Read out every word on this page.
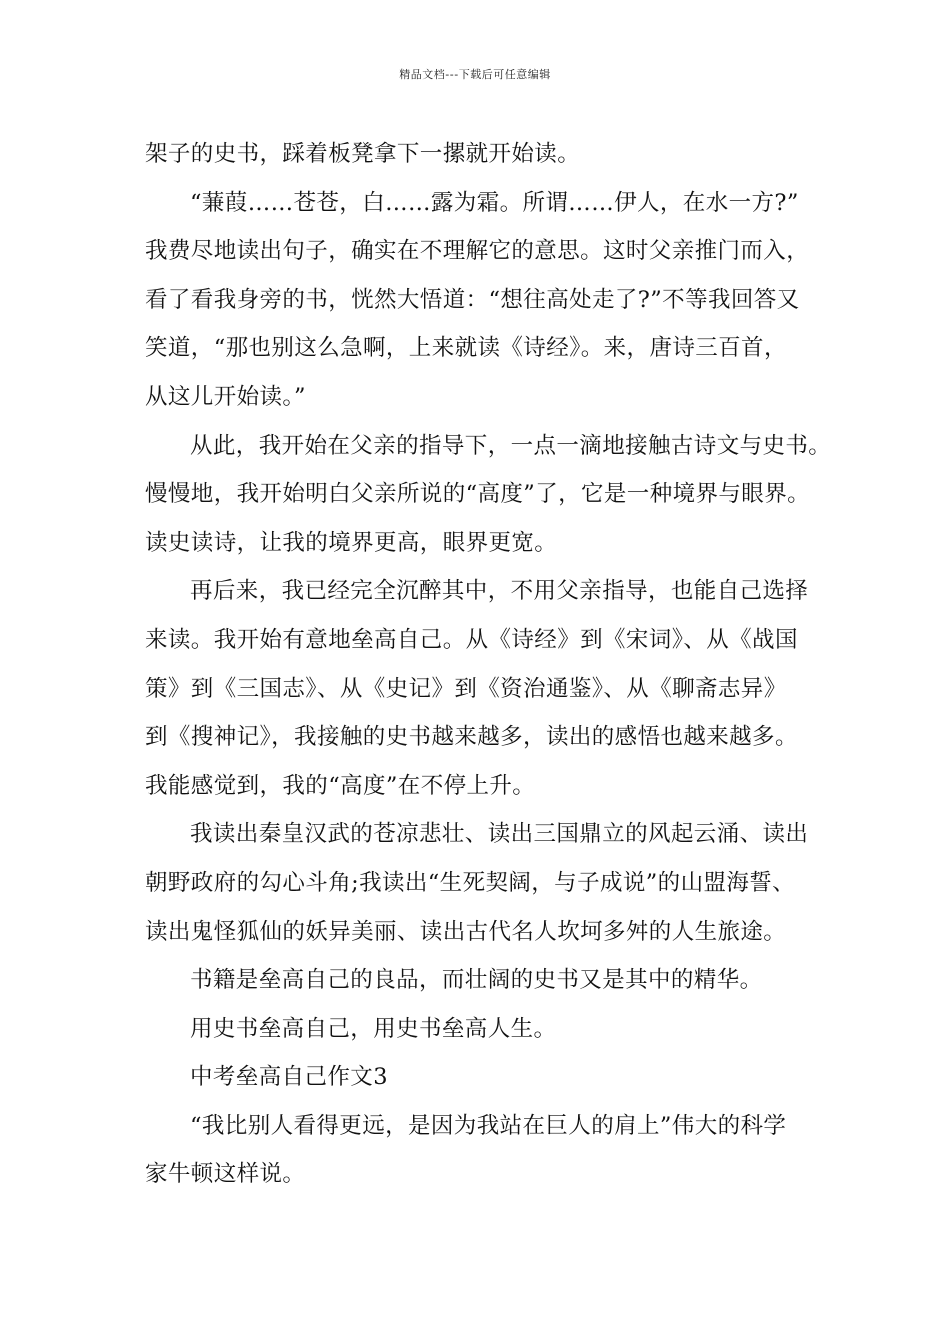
精品文档---下载后可任意编辑
架子的史书，踩着板凳拿下一摞就开始读。
“蒹葭……苍苍，白……露为霜。所谓……伊人，在水一方?”
我费尽地读出句子，确实在不理解它的意思。这时父亲推门而入，
看了看我身旁的书，恍然大悟道：“想往高处走了?”不等我回答又
笑道，“那也别这么急啊，上来就读《诗经》。来，唐诗三百首，
从这儿开始读。”
从此，我开始在父亲的指导下，一点一滴地接触古诗文与史书。
慢慢地，我开始明白父亲所说的“高度”了，它是一种境界与眼界。
读史读诗，让我的境界更高，眼界更宽。
再后来，我已经完全沉醉其中，不用父亲指导，也能自己选择
来读。我开始有意地垒高自己。从《诗经》到《宋词》、从《战国
策》到《三国志》、从《史记》到《资治通鉴》、从《聊斋志异》
到《搜神记》，我接触的史书越来越多，读出的感悟也越来越多。
我能感觉到，我的“高度”在不停上升。
我读出秦皇汉武的苍凉悲壮、读出三国鼎立的风起云涌、读出
朝野政府的勾心斗角;我读出“生死契阔，与子成说”的山盟海誓、
读出鬼怪狐仙的妖异美丽、读出古代名人坎坷多舛的人生旅途。
书籍是垒高自己的良品，而壮阔的史书又是其中的精华。
用史书垒高自己，用史书垒高人生。
中考垒高自己作文3
“我比别人看得更远，是因为我站在巨人的肩上”伟大的科学
家牛顿这样说。
